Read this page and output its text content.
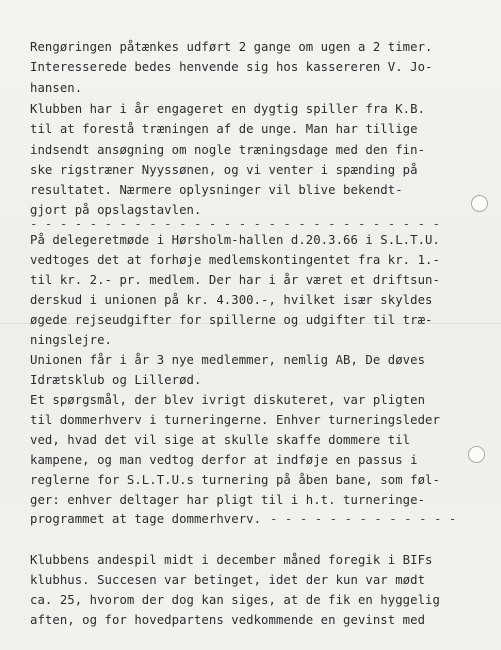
Rengøringen påtænkes udført 2 gange om ugen a 2 timer.
Interesserede bedes henvende sig hos kassereren V. Jo-
hansen.
Klubben har i år engageret en dygtig spiller fra K.B.
til at forestå træningen af de unge. Man har tillige
indsendt ansøgning om nogle træningsdage med den fin-
ske rigstræner Nyyssønen, og vi venter i spænding på
resultatet. Nærmere oplysninger vil blive bekendt-
gjort på opslagstavlen.
- - - - - - - - - - - - - - - - - - - - - - - - - - - -
På delegeretmøde i Hørsholm-hallen d.20.3.66 i S.L.T.U.
vedtoges det at forhøje medlemskontingentet fra kr. 1.-
til kr. 2.- pr. medlem. Der har i år været et driftsun-
derskud i unionen på kr. 4.300.-, hvilket især skyldes
øgede rejseudgifter for spillerne og udgifter til træ-
ningslejre.
Unionen får i år 3 nye medlemmer, nemlig AB, De døves
Idrætsklub og Lillerød.
Et spørgsmål, der blev ivrigt diskuteret, var pligten
til dommerhverv i turneringerne. Enhver turneringsleder
ved, hvad det vil sige at skulle skaffe dommere til
kampene, og man vedtog derfor at indføje en passus i
reglerne for S.L.T.U.s turnering på åben bane, som føl-
ger: enhver deltager har pligt til i h.t. turneringe-
programmet at tage dommerhverv. - - - - - - - - - - - - -
Klubbens andespil midt i december måned foregik i BIFs
klubhus. Succesen var betinget, idet der kun var mødt
ca. 25, hvorom der dog kan siges, at de fik en hyggelig
aften, og for hovedpartens vedkommende en gevinst med
